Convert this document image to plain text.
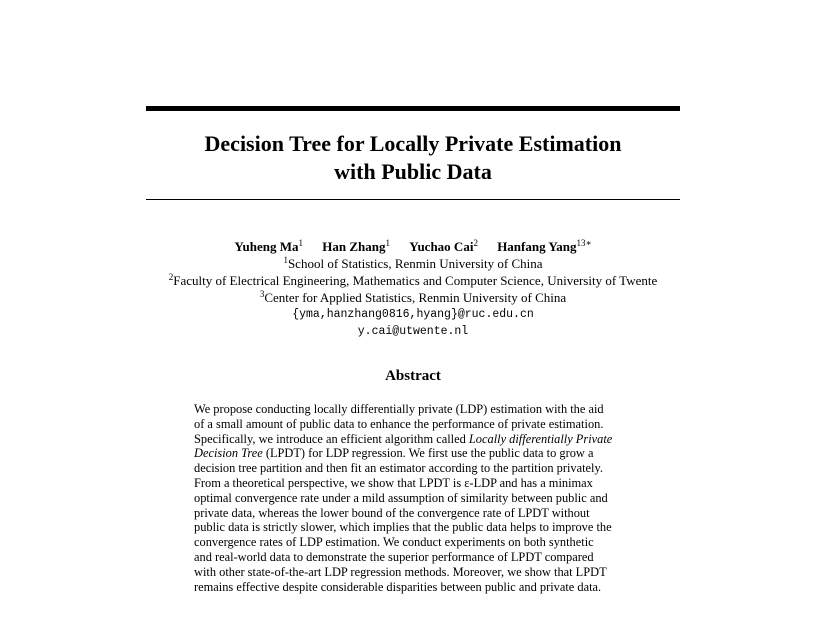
Decision Tree for Locally Private Estimation
with Public Data
Yuheng Ma$^1$ Han Zhang$^1$ Yuchao Cai$^2$ Hanfang Yang$^{13∗}$
$^1$School of Statistics, Renmin University of China
$^2$Faculty of Electrical Engineering, Mathematics and Computer Science, University of Twente
$^3$Center for Applied Statistics, Renmin University of China
{yma,hanzhang0816,hyang}@ruc.edu.cn
y.cai@utwente.nl
Abstract
We propose conducting locally differentially private (LDP) estimation with the aid
of a small amount of public data to enhance the performance of private estimation.
Specifically, we introduce an efficient algorithm called Locally differentially Private
Decision Tree (LPDT) for LDP regression. We first use the public data to grow a
decision tree partition and then fit an estimator according to the partition privately.
From a theoretical perspective, we show that LPDT is ε-LDP and has a minimax
optimal convergence rate under a mild assumption of similarity between public and
private data, whereas the lower bound of the convergence rate of LPDT without
public data is strictly slower, which implies that the public data helps to improve the
convergence rates of LDP estimation. We conduct experiments on both synthetic
and real-world data to demonstrate the superior performance of LPDT compared
with other state-of-the-art LDP regression methods. Moreover, we show that LPDT
remains effective despite considerable disparities between public and private data.
